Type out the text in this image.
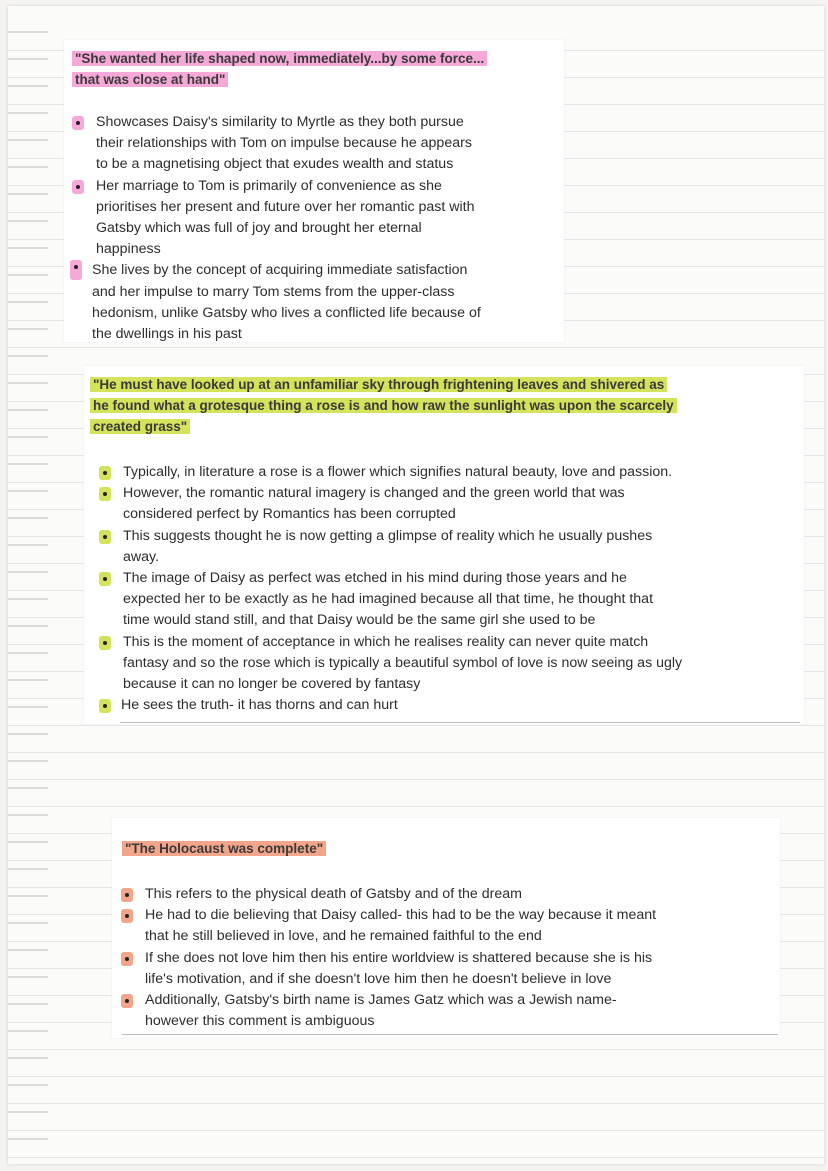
"She wanted her life shaped now, immediately...by some force...
that was close at hand"
Showcases Daisy's similarity to Myrtle as they both pursue
their relationships with Tom on impulse because he appears
to be a magnetising object that exudes wealth and status
Her marriage to Tom is primarily of convenience as she
prioritises her present and future over her romantic past with
Gatsby which was full of joy and brought her eternal
happiness
She lives by the concept of acquiring immediate satisfaction
and her impulse to marry Tom stems from the upper-class
hedonism, unlike Gatsby who lives a conflicted life because of
the dwellings in his past
"He must have looked up at an unfamiliar sky through frightening leaves and shivered as
he found what a grotesque thing a rose is and how raw the sunlight was upon the scarcely
created grass"
Typically, in literature a rose is a flower which signifies natural beauty, love and passion.
However, the romantic natural imagery is changed and the green world that was
considered perfect by Romantics has been corrupted
This suggests thought he is now getting a glimpse of reality which he usually pushes
away.
The image of Daisy as perfect was etched in his mind during those years and he
expected her to be exactly as he had imagined because all that time, he thought that
time would stand still, and that Daisy would be the same girl she used to be
This is the moment of acceptance in which he realises reality can never quite match
fantasy and so the rose which is typically a beautiful symbol of love is now seeing as ugly
because it can no longer be covered by fantasy
He sees the truth- it has thorns and can hurt
"The Holocaust was complete"
This refers to the physical death of Gatsby and of the dream
He had to die believing that Daisy called- this had to be the way because it meant
that he still believed in love, and he remained faithful to the end
If she does not love him then his entire worldview is shattered because she is his
life's motivation, and if she doesn't love him then he doesn't believe in love
Additionally, Gatsby's birth name is James Gatz which was a Jewish name-
however this comment is ambiguous
